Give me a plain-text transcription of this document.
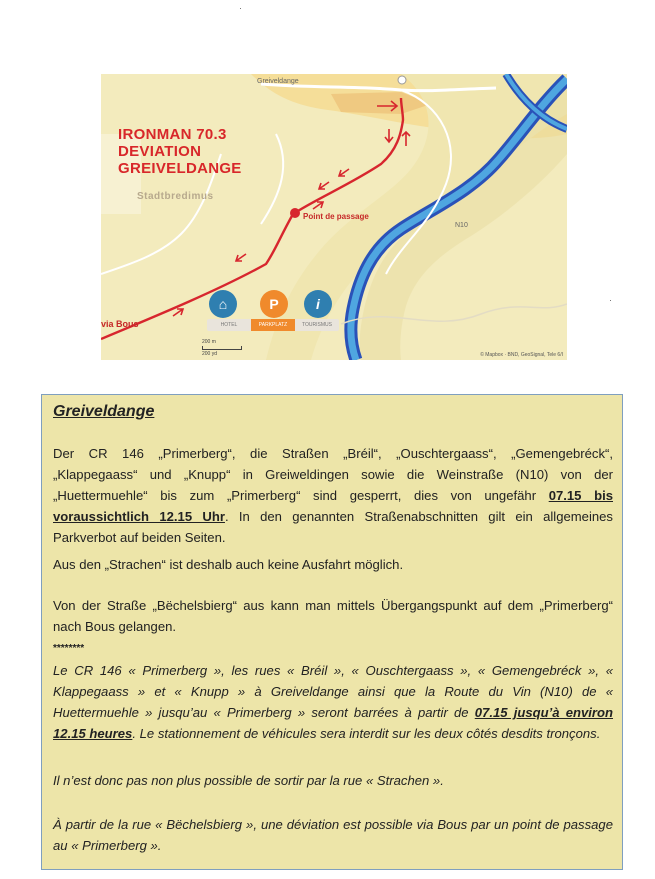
IRONMAN 70.3
DEVIATION
GREIVELDANGE
Stadtbredimus
via Bous
Point de passage
Greiveldange
N10
⌂	P	i
HOTEL	PARKPLATZ	TOURISMUS
200 m
200 yd	© Mapbox · BND, GeoSignal, Tele 6/I
Greiveldange
Der CR 146 „Primerberg“, die Straßen „Bréil“, „Ouschtergaass“, „Gemengebréck“, „Klappegaass“ und „Knupp“ in Greiweldingen sowie die Weinstraße (N10) von der „Huettermuehle“ bis zum „Primerberg“ sind gesperrt, dies von ungefähr 07.15 bis voraussichtlich 12.15 Uhr. In den genannten Straßenabschnitten gilt ein allgemeines Parkverbot auf beiden Seiten.
Aus den „Strachen“ ist deshalb auch keine Ausfahrt möglich.
Von der Straße „Bëchelsbierg“ aus kann man mittels Übergangspunkt auf dem „Primerberg“ nach Bous gelangen.
********
Le CR 146 « Primerberg », les rues « Bréil », « Ouschtergaass », « Gemengebréck », « Klappegaass » et « Knupp » à Greiveldange ainsi que la Route du Vin (N10) de « Huettermuehle » jusqu’au « Primerberg » seront barrées à partir de 07.15 jusqu’à environ 12.15 heures. Le stationnement de véhicules sera interdit sur les deux côtés desdits tronçons.
Il n’est donc pas non plus possible de sortir par la rue « Strachen ».
À partir de la rue « Bëchelsbierg », une déviation est possible via Bous par un point de passage au « Primerberg ».
